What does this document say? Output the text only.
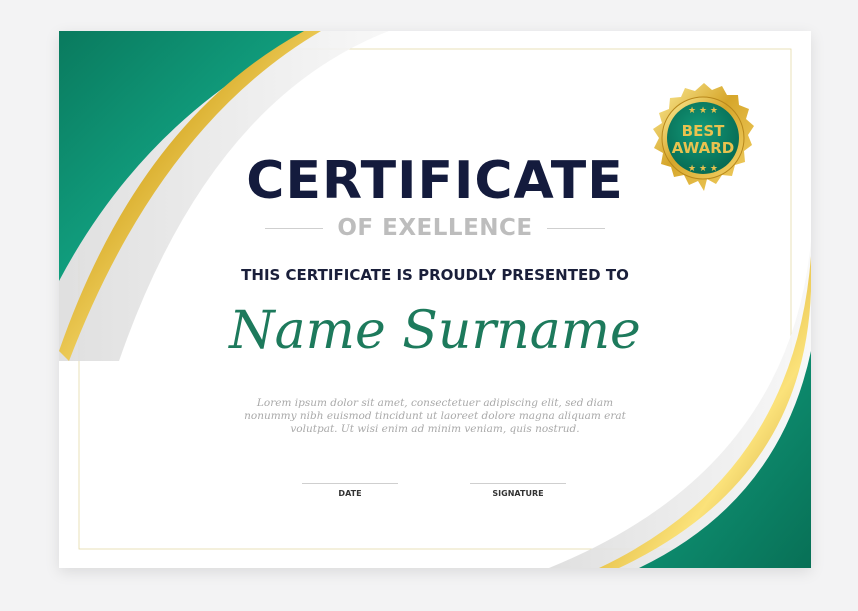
CERTIFICATE
OF EXELLENCE
THIS CERTIFICATE IS PROUDLY PRESENTED TO
Name Surname
Lorem ipsum dolor sit amet, consectetuer adipiscing elit, sed diam nonummy nibh euismod tincidunt ut laoreet dolore magna aliquam erat volutpat. Ut wisi enim ad minim veniam, quis nostrud.
DATE	SIGNATURE
★ ★ ★
★ ★ ★
BEST
AWARD
